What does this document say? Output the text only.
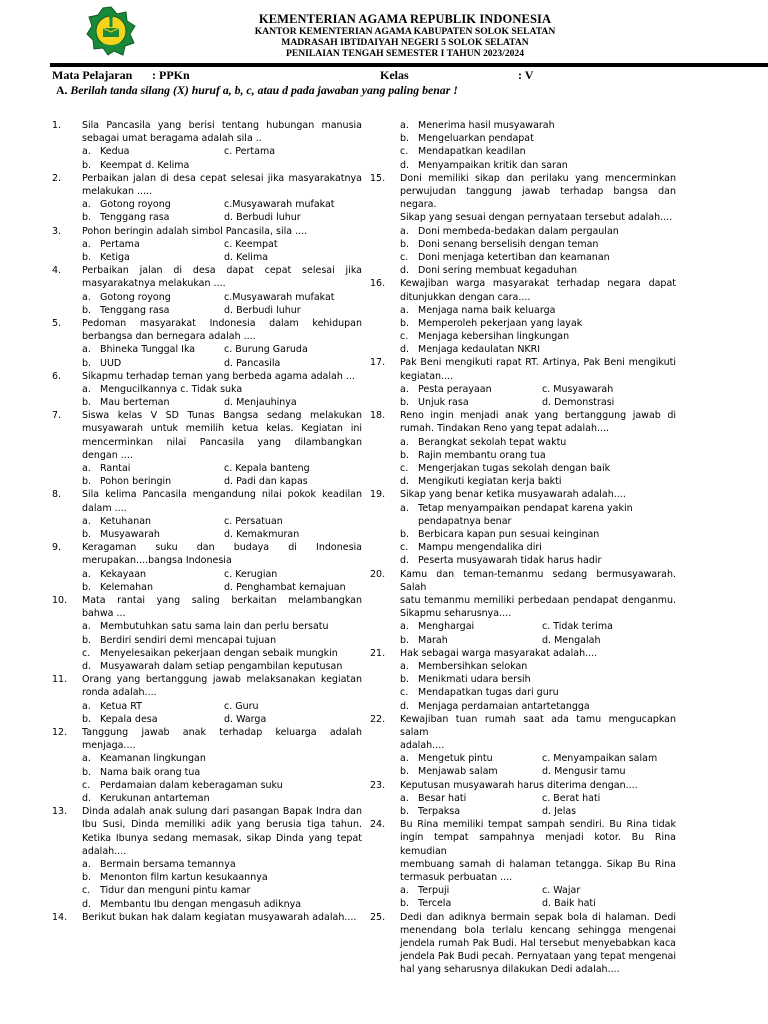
KEMENTERIAN AGAMA REPUBLIK INDONESIA
KANTOR KEMENTERIAN AGAMA KABUPATEN SOLOK SELATAN
MADRASAH IBTIDAIYAH NEGERI 5 SOLOK SELATAN
PENILAIAN TENGAH SEMESTER I TAHUN 2023/2024
Mata Pelajaran : PPKn	Kelas	: V
A. Berilah tanda silang (X) huruf a, b, c, atau d pada jawaban yang paling benar !
1.	Sila Pancasila yang berisi tentang hubungan manusia
sebagai umat beragama adalah sila ..
a. Kedua	c. Pertama
b. Keempat d. Kelima
2.	Perbaikan jalan di desa cepat selesai jika masyarakatnya
melakukan .....
a. Gotong royong	c.Musyawarah mufakat
b. Tenggang rasa	d. Berbudi luhur
3.	Pohon beringin adalah simbol Pancasila, sila ....
a. Pertama	c. Keempat
b. Ketiga	d. Kelima
4.	Perbaikan jalan di desa dapat cepat selesai jika
masyarakatnya melakukan ....
a. Gotong royong	c.Musyawarah mufakat
b. Tenggang rasa	d. Berbudi luhur
5.	Pedoman masyarakat Indonesia dalam kehidupan
berbangsa dan bernegara adalah ....
a. Bhineka Tunggal Ika	c. Burung Garuda
b. UUD	d. Pancasila
6.	Sikapmu terhadap teman yang berbeda agama adalah ...
a. Mengucilkannya c. Tidak suka
b. Mau berteman	d. Menjauhinya
7.	Siswa kelas V SD Tunas Bangsa sedang melakukan
musyawarah untuk memilih ketua kelas. Kegiatan ini
mencerminkan nilai Pancasila yang dilambangkan
dengan ....
a. Rantai	c. Kepala banteng
b. Pohon beringin	d. Padi dan kapas
8.	Sila kelima Pancasila mengandung nilai pokok keadilan
dalam ....
a. Ketuhanan	c. Persatuan
b. Musyawarah	d. Kemakmuran
9.	Keragaman suku dan budaya di Indonesia
merupakan....bangsa Indonesia
a. Kekayaan	c. Kerugian
b. Kelemahan	d. Penghambat kemajuan
10.	Mata rantai yang saling berkaitan melambangkan
bahwa ...
a. Membutuhkan satu sama lain dan perlu bersatu
b. Berdiri sendiri demi mencapai tujuan
c. Menyelesaikan pekerjaan dengan sebaik mungkin
d. Musyawarah dalam setiap pengambilan keputusan
11.	Orang yang bertanggung jawab melaksanakan kegiatan
ronda adalah....
a. Ketua RT	c. Guru
b. Kepala desa	d. Warga
12.	Tanggung jawab anak terhadap keluarga adalah
menjaga....
a. Keamanan lingkungan
b. Nama baik orang tua
c. Perdamaian dalam keberagaman suku
d. Kerukunan antarteman
13.	Dinda adalah anak sulung dari pasangan Bapak Indra dan
Ibu Susi, Dinda memiliki adik yang berusia tiga tahun.
Ketika Ibunya sedang memasak, sikap Dinda yang tepat
adalah....
a. Bermain bersama temannya
b. Menonton film kartun kesukaannya
c. Tidur dan menguni pintu kamar
d. Membantu Ibu dengan mengasuh adiknya
14.	Berikut bukan hak dalam kegiatan musyawarah adalah....
a. Menerima hasil musyawarah
b. Mengeluarkan pendapat
c. Mendapatkan keadilan
d. Menyampaikan kritik dan saran
15.	Doni memiliki sikap dan perilaku yang mencerminkan
perwujudan tanggung jawab terhadap bangsa dan negara.
Sikap yang sesuai dengan pernyataan tersebut adalah....
a. Doni membeda-bedakan dalam pergaulan
b. Doni senang berselisih dengan teman
c. Doni menjaga ketertiban dan keamanan
d. Doni sering membuat kegaduhan
16.	Kewajiban warga masyarakat terhadap negara dapat
ditunjukkan dengan cara....
a. Menjaga nama baik keluarga
b. Memperoleh pekerjaan yang layak
c. Menjaga kebersihan lingkungan
d. Menjaga kedaulatan NKRI
17.	Pak Beni mengikuti rapat RT. Artinya, Pak Beni mengikuti
kegiatan....
a. Pesta perayaan	c. Musyawarah
b. Unjuk rasa	d. Demonstrasi
18.	Reno ingin menjadi anak yang bertanggung jawab di
rumah. Tindakan Reno yang tepat adalah....
a. Berangkat sekolah tepat waktu
b. Rajin membantu orang tua
c. Mengerjakan tugas sekolah dengan baik
d. Mengikuti kegiatan kerja bakti
19.	Sikap yang benar ketika musyawarah adalah....
a. Tetap menyampaikan pendapat karena yakin
pendapatnya benar
b. Berbicara kapan pun sesuai keinginan
c. Mampu mengendalika diri
d. Peserta musyawarah tidak harus hadir
20.	Kamu dan teman-temanmu sedang bermusyawarah. Salah
satu temanmu memiliki perbedaan pendapat denganmu.
Sikapmu seharusnya....
a. Menghargai	c. Tidak terima
b. Marah	d. Mengalah
21.	Hak sebagai warga masyarakat adalah....
a. Membersihkan selokan
b. Menikmati udara bersih
c. Mendapatkan tugas dari guru
d. Menjaga perdamaian antartetangga
22.	Kewajiban tuan rumah saat ada tamu mengucapkan salam
adalah....
a. Mengetuk pintu	c. Menyampaikan salam
b. Menjawab salam	d. Mengusir tamu
23.	Keputusan musyawarah harus diterima dengan....
a. Besar hati	c. Berat hati
b. Terpaksa	d. Jelas
24.	Bu Rina memiliki tempat sampah sendiri. Bu Rina tidak
ingin tempat sampahnya menjadi kotor. Bu Rina kemudian
membuang samah di halaman tetangga. Sikap Bu Rina
termasuk perbuatan ....
a. Terpuji	c. Wajar
b. Tercela	d. Baik hati
25.	Dedi dan adiknya bermain sepak bola di halaman. Dedi
menendang bola terlalu kencang sehingga mengenai
jendela rumah Pak Budi. Hal tersebut menyebabkan kaca
jendela Pak Budi pecah. Pernyataan yang tepat mengenai
hal yang seharusnya dilakukan Dedi adalah....
